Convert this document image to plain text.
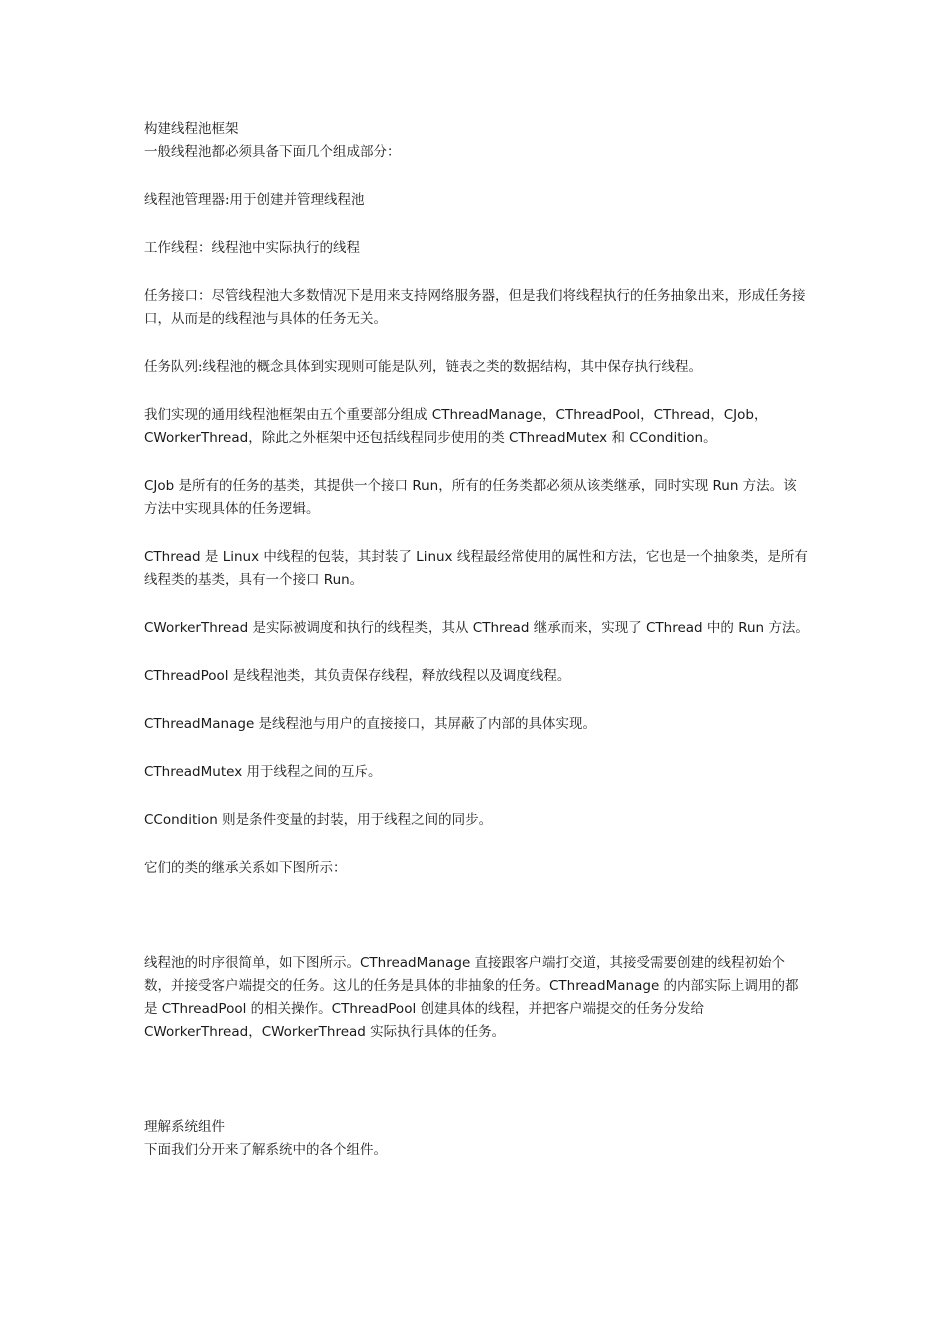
构建线程池框架

一般线程池都必须具备下面几个组成部分：

线程池管理器:用于创建并管理线程池

工作线程：线程池中实际执行的线程

任务接口：尽管线程池大多数情况下是用来支持网络服务器，但是我们将线程执行的任务抽象出来，形成任务接口，从而是的线程池与具体的任务无关。

任务队列:线程池的概念具体到实现则可能是队列，链表之类的数据结构，其中保存执行线程。

我们实现的通用线程池框架由五个重要部分组成 CThreadManage，CThreadPool，CThread，CJob，CWorkerThread，除此之外框架中还包括线程同步使用的类 CThreadMutex 和 CCondition。

CJob 是所有的任务的基类，其提供一个接口 Run，所有的任务类都必须从该类继承，同时实现 Run 方法。该方法中实现具体的任务逻辑。

CThread 是 Linux 中线程的包装，其封装了 Linux 线程最经常使用的属性和方法，它也是一个抽象类，是所有线程类的基类，具有一个接口 Run。

CWorkerThread 是实际被调度和执行的线程类，其从 CThread 继承而来，实现了 CThread 中的 Run 方法。

CThreadPool 是线程池类，其负责保存线程，释放线程以及调度线程。

CThreadManage 是线程池与用户的直接接口，其屏蔽了内部的具体实现。

CThreadMutex 用于线程之间的互斥。

CCondition 则是条件变量的封装，用于线程之间的同步。

它们的类的继承关系如下图所示：

线程池的时序很简单，如下图所示。CThreadManage 直接跟客户端打交道，其接受需要创建的线程初始个数，并接受客户端提交的任务。这儿的任务是具体的非抽象的任务。CThreadManage 的内部实际上调用的都是 CThreadPool 的相关操作。CThreadPool 创建具体的线程，并把客户端提交的任务分发给 CWorkerThread，CWorkerThread 实际执行具体的任务。

理解系统组件

下面我们分开来了解系统中的各个组件。
